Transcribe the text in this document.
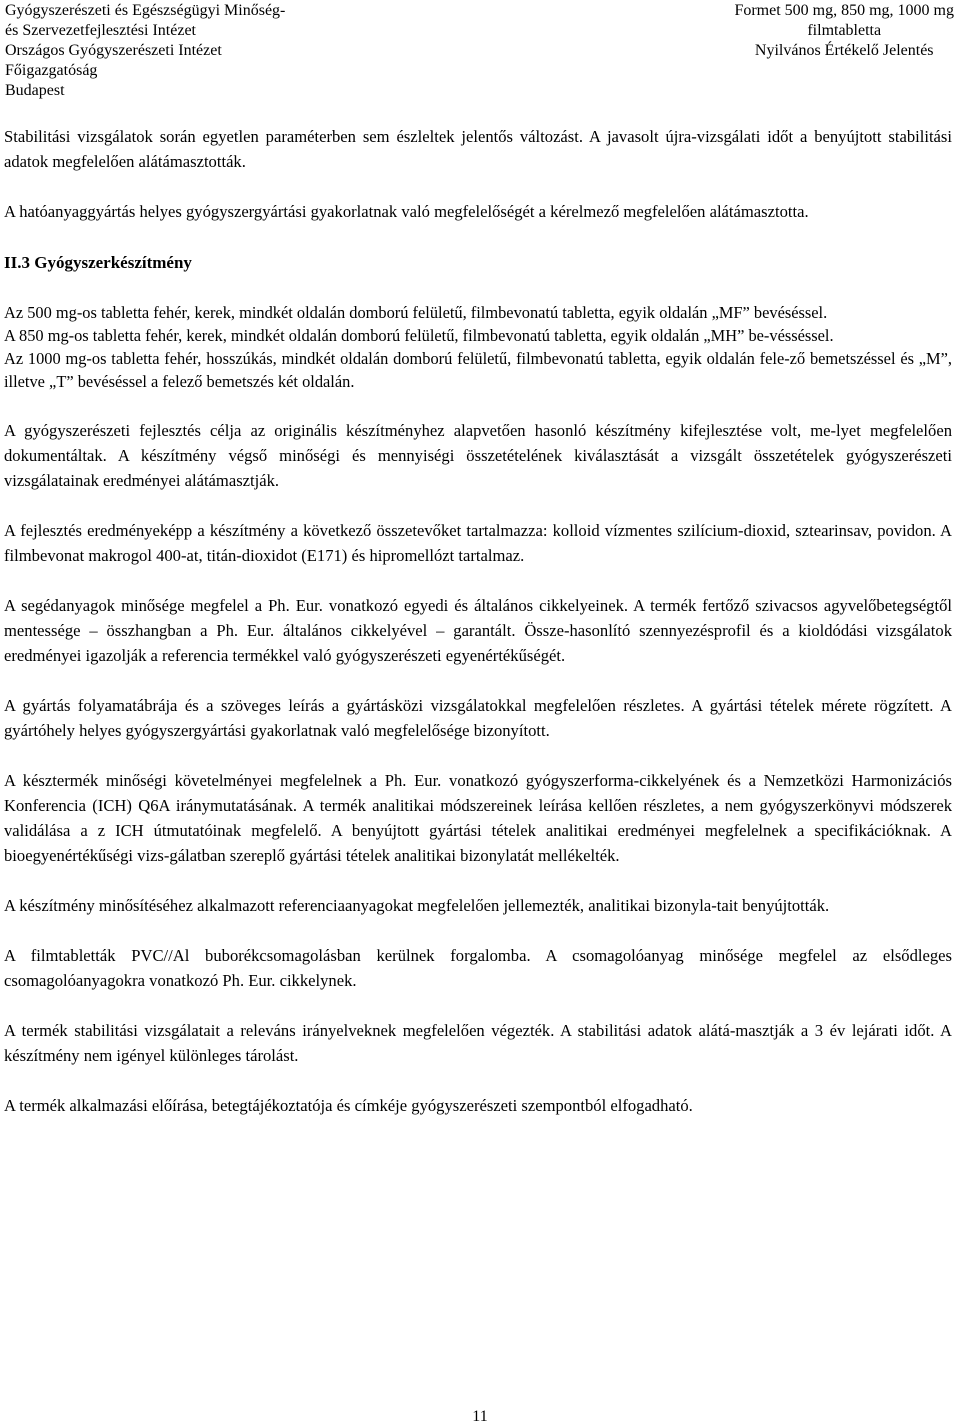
Gyógyszerészeti és Egészségügyi Minőség-
és Szervezetfejlesztési Intézet
Országos Gyógyszerészeti Intézet
Főigazgatóság
Budapest
Formet 500 mg, 850 mg, 1000 mg
filmtabletta
Nyilvános Értékelő Jelentés

Stabilitási vizsgálatok során egyetlen paraméterben sem észleltek jelentős változást. A javasolt újra-vizsgálati időt a benyújtott stabilitási adatok megfelelően alátámasztották.

A hatóanyaggyártás helyes gyógyszergyártási gyakorlatnak való megfelelőségét a kérelmező megfelelően alátámasztotta.

II.3 Gyógyszerkészítmény

Az 500 mg-os tabletta fehér, kerek, mindkét oldalán domború felületű, filmbevonatú tabletta, egyik oldalán „MF” bevéséssel.

A 850 mg-os tabletta fehér, kerek, mindkét oldalán domború felületű, filmbevonatú tabletta, egyik oldalán „MH” be-vésséssel.

Az 1000 mg-os tabletta fehér, hosszúkás, mindkét oldalán domború felületű, filmbevonatú tabletta, egyik oldalán fele-ző bemetszéssel és „M”, illetve „T” bevéséssel a felező bemetszés két oldalán.

A gyógyszerészeti fejlesztés célja az originális készítményhez alapvetően hasonló készítmény kifejlesztése volt, me-lyet megfelelően dokumentáltak. A készítmény végső minőségi és mennyiségi összetételének kiválasztását a vizsgált összetételek gyógyszerészeti vizsgálatainak eredményei alátámasztják.

A fejlesztés eredményeképp a készítmény a következő összetevőket tartalmazza: kolloid vízmentes szilícium-dioxid, sztearinsav, povidon. A filmbevonat makrogol 400-at, titán-dioxidot (E171) és hipromellózt tartalmaz.

A segédanyagok minősége megfelel a Ph. Eur. vonatkozó egyedi és általános cikkelyeinek. A termék fertőző szivacsos agyvelőbetegségtől mentessége – összhangban a Ph. Eur. általános cikkelyével – garantált. Össze-hasonlító szennyezésprofil és a kioldódási vizsgálatok eredményei igazolják a referencia termékkel való gyógyszerészeti egyenértékűségét.

A gyártás folyamatábrája és a szöveges leírás a gyártásközi vizsgálatokkal megfelelően részletes. A gyártási tételek mérete rögzített. A gyártóhely helyes gyógyszergyártási gyakorlatnak való megfelelősége bizonyított.

A késztermék minőségi követelményei megfelelnek a Ph. Eur. vonatkozó gyógyszerforma-cikkelyének és a Nemzetközi Harmonizációs Konferencia (ICH) Q6A iránymutatásának. A termék analitikai módszereinek leírása kellően részletes, a nem gyógyszerkönyvi módszerek validálása a z ICH útmutatóinak megfelelő. A benyújtott gyártási tételek analitikai eredményei megfelelnek a specifikációknak. A bioegyenértékűségi vizs-gálatban szereplő gyártási tételek analitikai bizonylatát mellékelték.

A készítmény minősítéséhez alkalmazott referenciaanyagokat megfelelően jellemezték, analitikai bizonyla-tait benyújtották.

A filmtabletták PVC//Al buborékcsomagolásban kerülnek forgalomba. A csomagolóanyag minősége megfelel az elsődleges csomagolóanyagokra vonatkozó Ph. Eur. cikkelynek.

A termék stabilitási vizsgálatait a releváns irányelveknek megfelelően végezték. A stabilitási adatok alátá-masztják a 3 év lejárati időt. A készítmény nem igényel különleges tárolást.

A termék alkalmazási előírása, betegtájékoztatója és címkéje gyógyszerészeti szempontból elfogadható.

11
